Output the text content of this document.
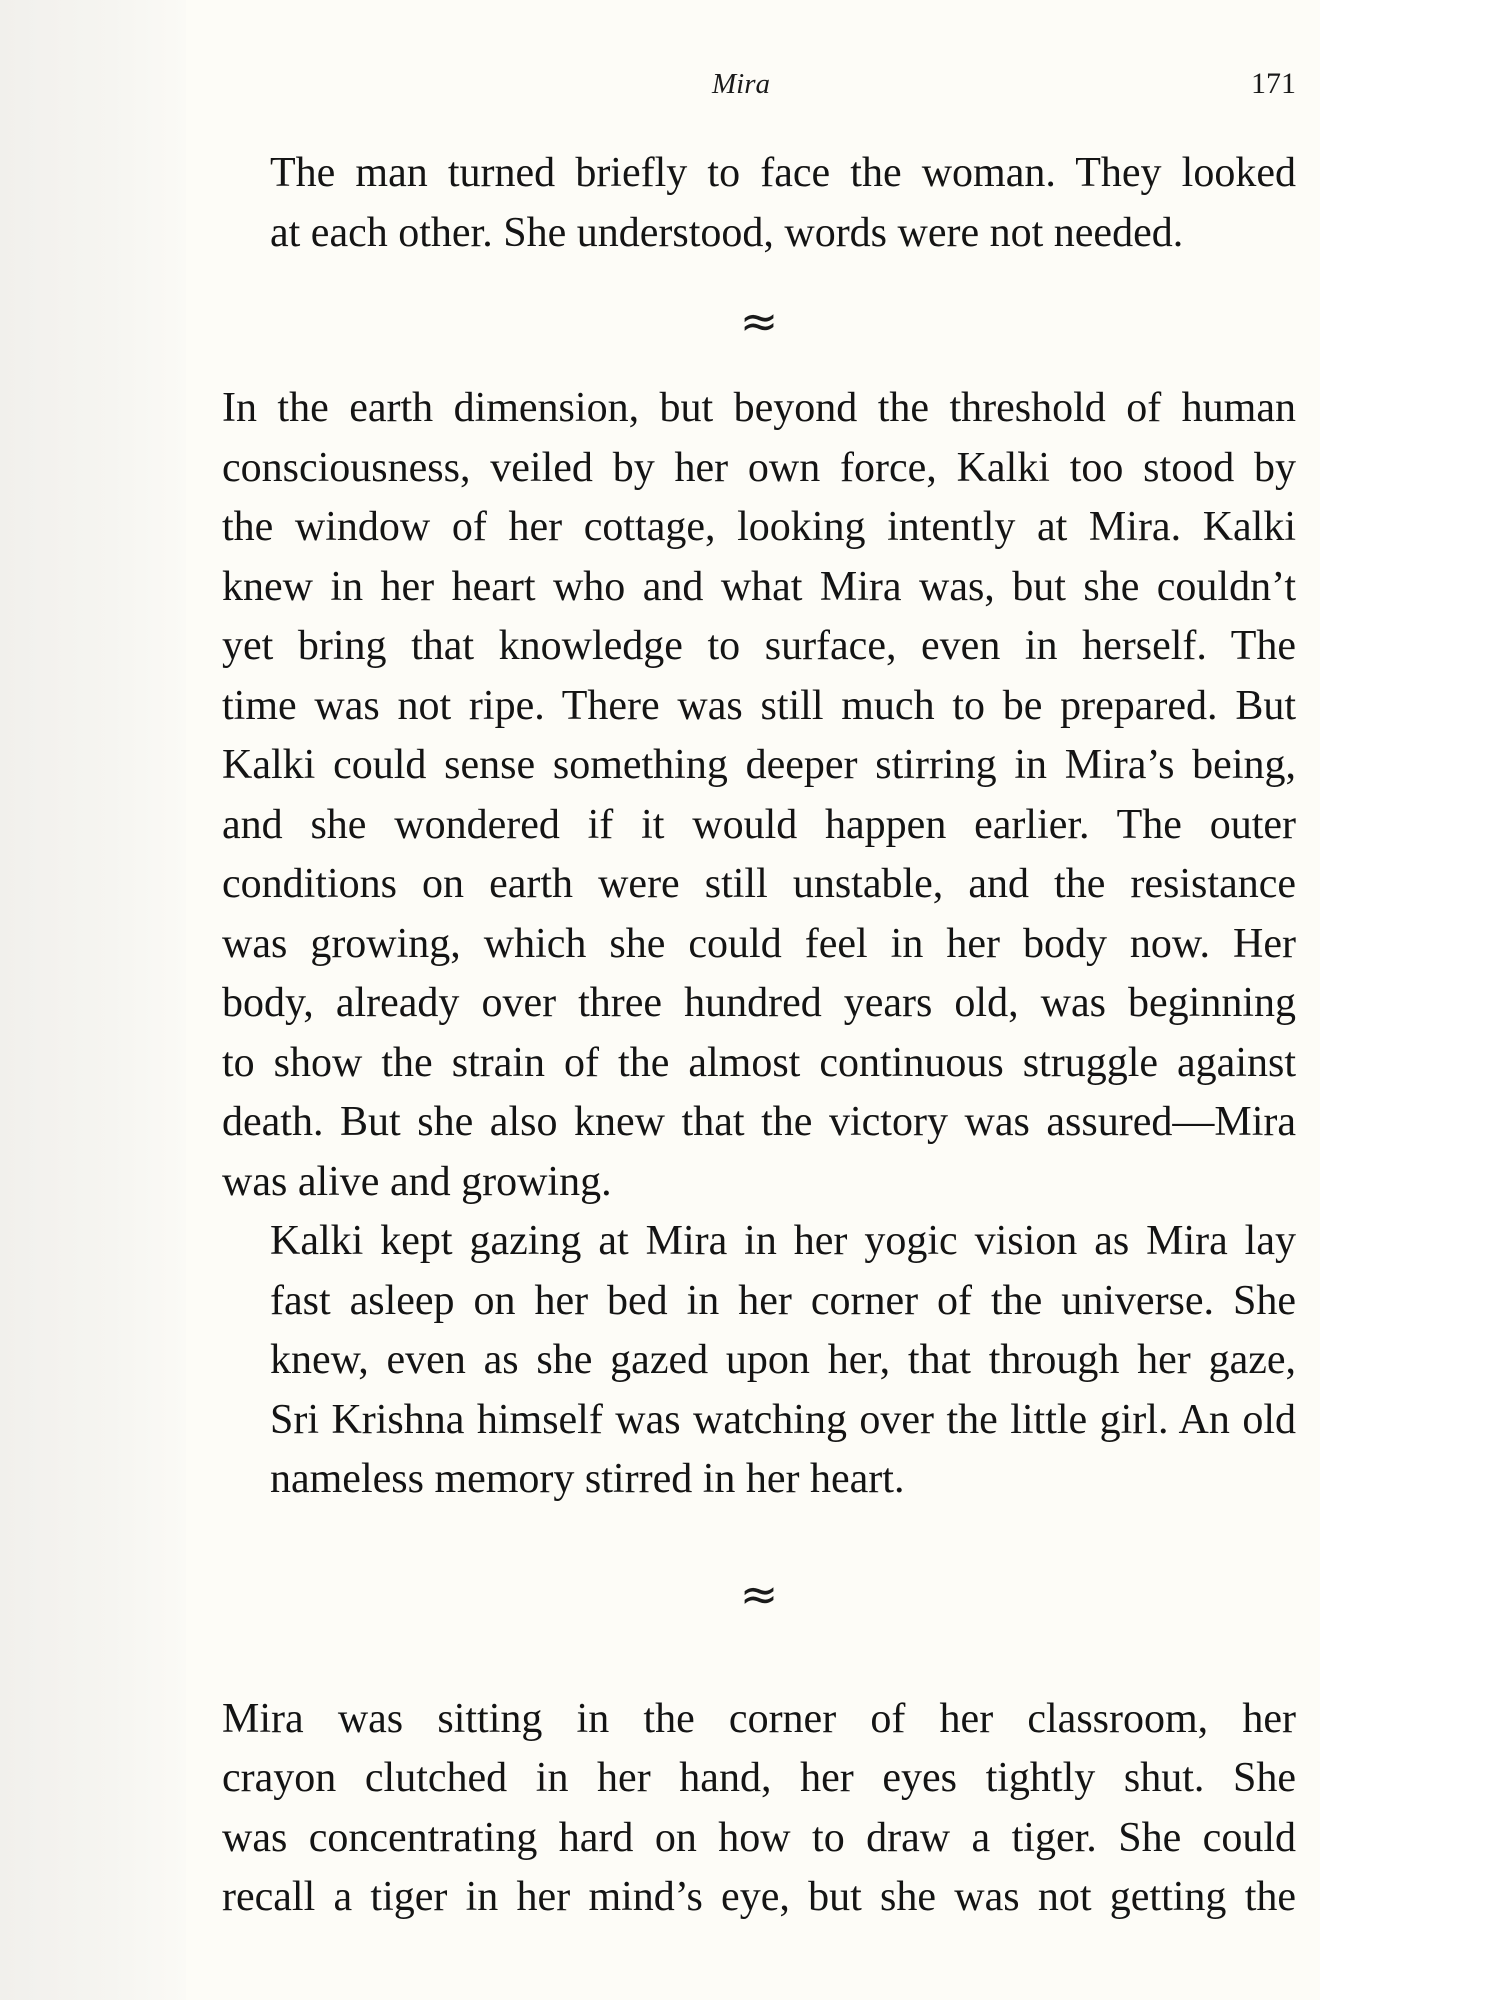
Mira	171

The man turned briefly to face the woman. They looked
at each other. She understood, words were not needed.

≈

In the earth dimension, but beyond the threshold of human
consciousness, veiled by her own force, Kalki too stood by
the window of her cottage, looking intently at Mira. Kalki
knew in her heart who and what Mira was, but she couldn’t
yet bring that knowledge to surface, even in herself. The
time was not ripe. There was still much to be prepared. But
Kalki could sense something deeper stirring in Mira’s being,
and she wondered if it would happen earlier. The outer
conditions on earth were still unstable, and the resistance
was growing, which she could feel in her body now. Her
body, already over three hundred years old, was beginning
to show the strain of the almost continuous struggle against
death. But she also knew that the victory was assured—Mira
was alive and growing.

Kalki kept gazing at Mira in her yogic vision as Mira lay
fast asleep on her bed in her corner of the universe. She
knew, even as she gazed upon her, that through her gaze,
Sri Krishna himself was watching over the little girl. An old
nameless memory stirred in her heart.

≈

Mira was sitting in the corner of her classroom, her
crayon clutched in her hand, her eyes tightly shut. She
was concentrating hard on how to draw a tiger. She could
recall a tiger in her mind’s eye, but she was not getting the
